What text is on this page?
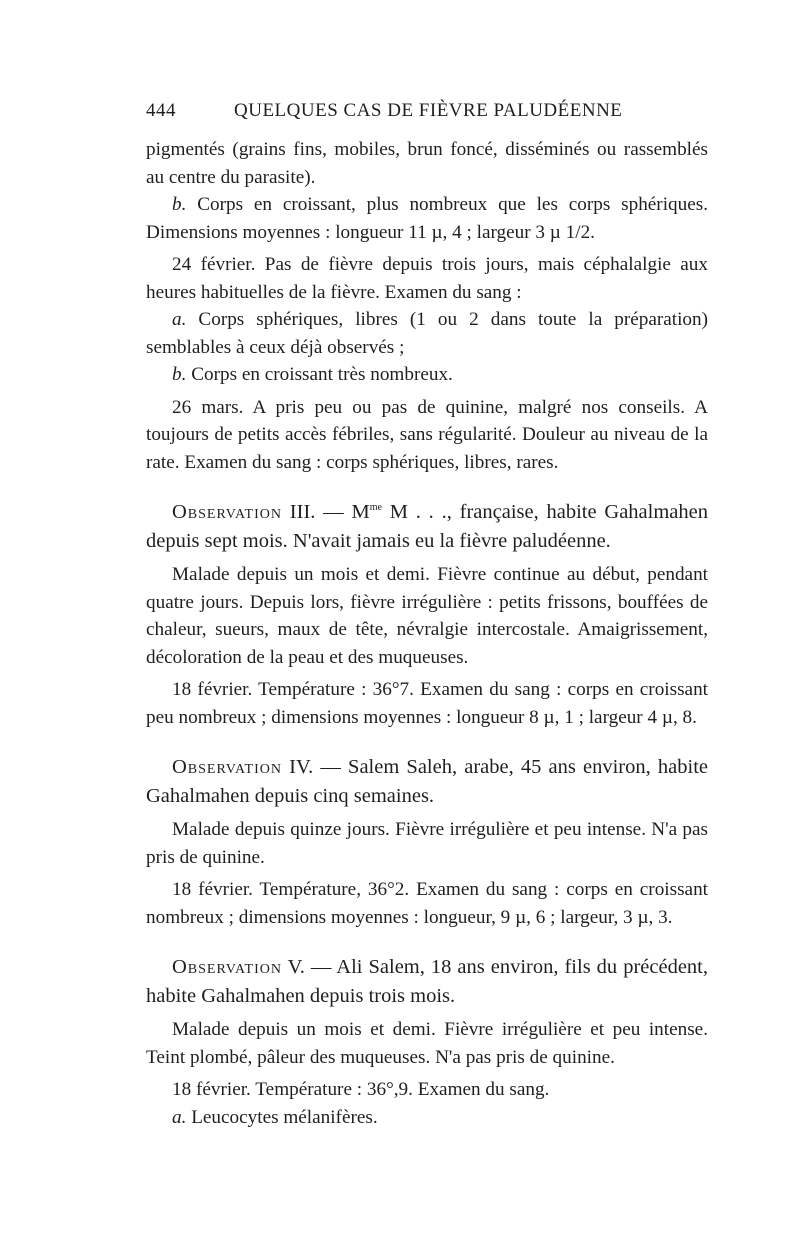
444	QUELQUES CAS DE FIÈVRE PALUDÉENNE

pigmentés (grains fins, mobiles, brun foncé, disséminés ou rassemblés au centre du parasite).

b. Corps en croissant, plus nombreux que les corps sphériques. Dimensions moyennes : longueur 11 µ, 4 ; largeur 3 µ 1/2.

24 février. Pas de fièvre depuis trois jours, mais céphalalgie aux heures habituelles de la fièvre. Examen du sang :

a. Corps sphériques, libres (1 ou 2 dans toute la préparation) semblables à ceux déjà observés ;

b. Corps en croissant très nombreux.

26 mars. A pris peu ou pas de quinine, malgré nos conseils. A toujours de petits accès fébriles, sans régularité. Douleur au niveau de la rate. Examen du sang : corps sphériques, libres, rares.

Observation III. — $M^{me}$ M . . ., française, habite Gahalmahen depuis sept mois. N'avait jamais eu la fièvre paludéenne.

Malade depuis un mois et demi. Fièvre continue au début, pendant quatre jours. Depuis lors, fièvre irrégulière : petits frissons, bouffées de chaleur, sueurs, maux de tête, névralgie intercostale. Amaigrissement, décoloration de la peau et des muqueuses.

18 février. Température : 36°7. Examen du sang : corps en croissant peu nombreux ; dimensions moyennes : longueur 8 µ, 1 ; largeur 4 µ, 8.

Observation IV. — Salem Saleh, arabe, 45 ans environ, habite Gahalmahen depuis cinq semaines.

Malade depuis quinze jours. Fièvre irrégulière et peu intense. N'a pas pris de quinine.

18 février. Température, 36°2. Examen du sang : corps en croissant nombreux ; dimensions moyennes : longueur, 9 µ, 6 ; largeur, 3 µ, 3.

Observation V. — Ali Salem, 18 ans environ, fils du précédent, habite Gahalmahen depuis trois mois.

Malade depuis un mois et demi. Fièvre irrégulière et peu intense. Teint plombé, pâleur des muqueuses. N'a pas pris de quinine.

18 février. Température : 36°,9. Examen du sang.

a. Leucocytes mélanifères.
